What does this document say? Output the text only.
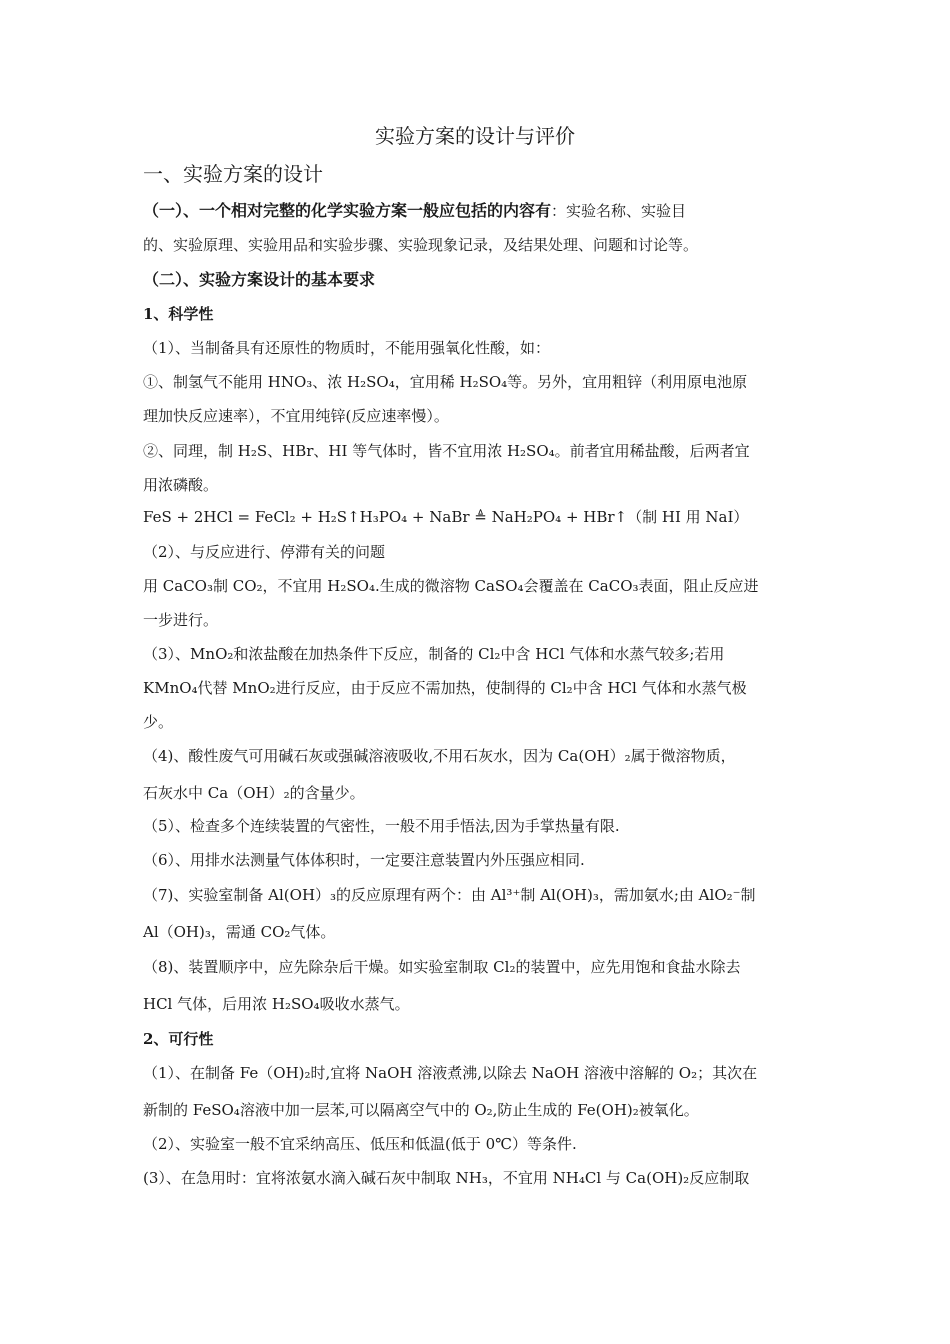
实验方案的设计与评价
一、实验方案的设计
（一）、一个相对完整的化学实验方案一般应包括的内容有：实验名称、实验目
的、实验原理、实验用品和实验步骤、实验现象记录，及结果处理、问题和讨论等。
（二）、实验方案设计的基本要求
1、科学性
（1）、当制备具有还原性的物质时，不能用强氧化性酸，如：
①、制氢气不能用 HNO₃、浓 H₂SO₄，宜用稀 H₂SO₄等。另外，宜用粗锌（利用原电池原
理加快反应速率），不宜用纯锌(反应速率慢）。
②、同理，制 H₂S、HBr、HI 等气体时，皆不宜用浓 H₂SO₄。前者宜用稀盐酸，后两者宜
用浓磷酸。
FeS + 2HCl = FeCl₂ + H₂S↑H₃PO₄ + NaBr ≜ NaH₂PO₄ + HBr↑（制 HI 用 NaI）
（2）、与反应进行、停滞有关的问题
用 CaCO₃制 CO₂，不宜用 H₂SO₄.生成的微溶物 CaSO₄会覆盖在 CaCO₃表面，阻止反应进
一步进行。
（3）、MnO₂和浓盐酸在加热条件下反应，制备的 Cl₂中含 HCl 气体和水蒸气较多;若用
KMnO₄代替 MnO₂进行反应，由于反应不需加热，使制得的 Cl₂中含 HCl 气体和水蒸气极
少。
（4)、酸性废气可用碱石灰或强碱溶液吸收,不用石灰水，因为 Ca(OH）₂属于微溶物质，
石灰水中 Ca（OH）₂的含量少。
（5）、检查多个连续装置的气密性，一般不用手悟法,因为手掌热量有限.
（6）、用排水法测量气体体积时，一定要注意装置内外压强应相同.
（7)、实验室制备 Al(OH）₃的反应原理有两个：由 Al³⁺制 Al(OH)₃，需加氨水;由 AlO₂⁻制
Al（OH)₃，需通 CO₂气体。
（8)、装置顺序中，应先除杂后干燥。如实验室制取 Cl₂的装置中，应先用饱和食盐水除去
HCl 气体，后用浓 H₂SO₄吸收水蒸气。
2、可行性
（1）、在制备 Fe（OH)₂时,宜将 NaOH 溶液煮沸,以除去 NaOH 溶液中溶解的 O₂；其次在
新制的 FeSO₄溶液中加一层苯,可以隔离空气中的 O₂,防止生成的 Fe(OH)₂被氧化。
（2）、实验室一般不宜采纳高压、低压和低温(低于 0℃）等条件.
(3）、在急用时：宜将浓氨水滴入碱石灰中制取 NH₃，不宜用 NH₄Cl 与 Ca(OH)₂反应制取
